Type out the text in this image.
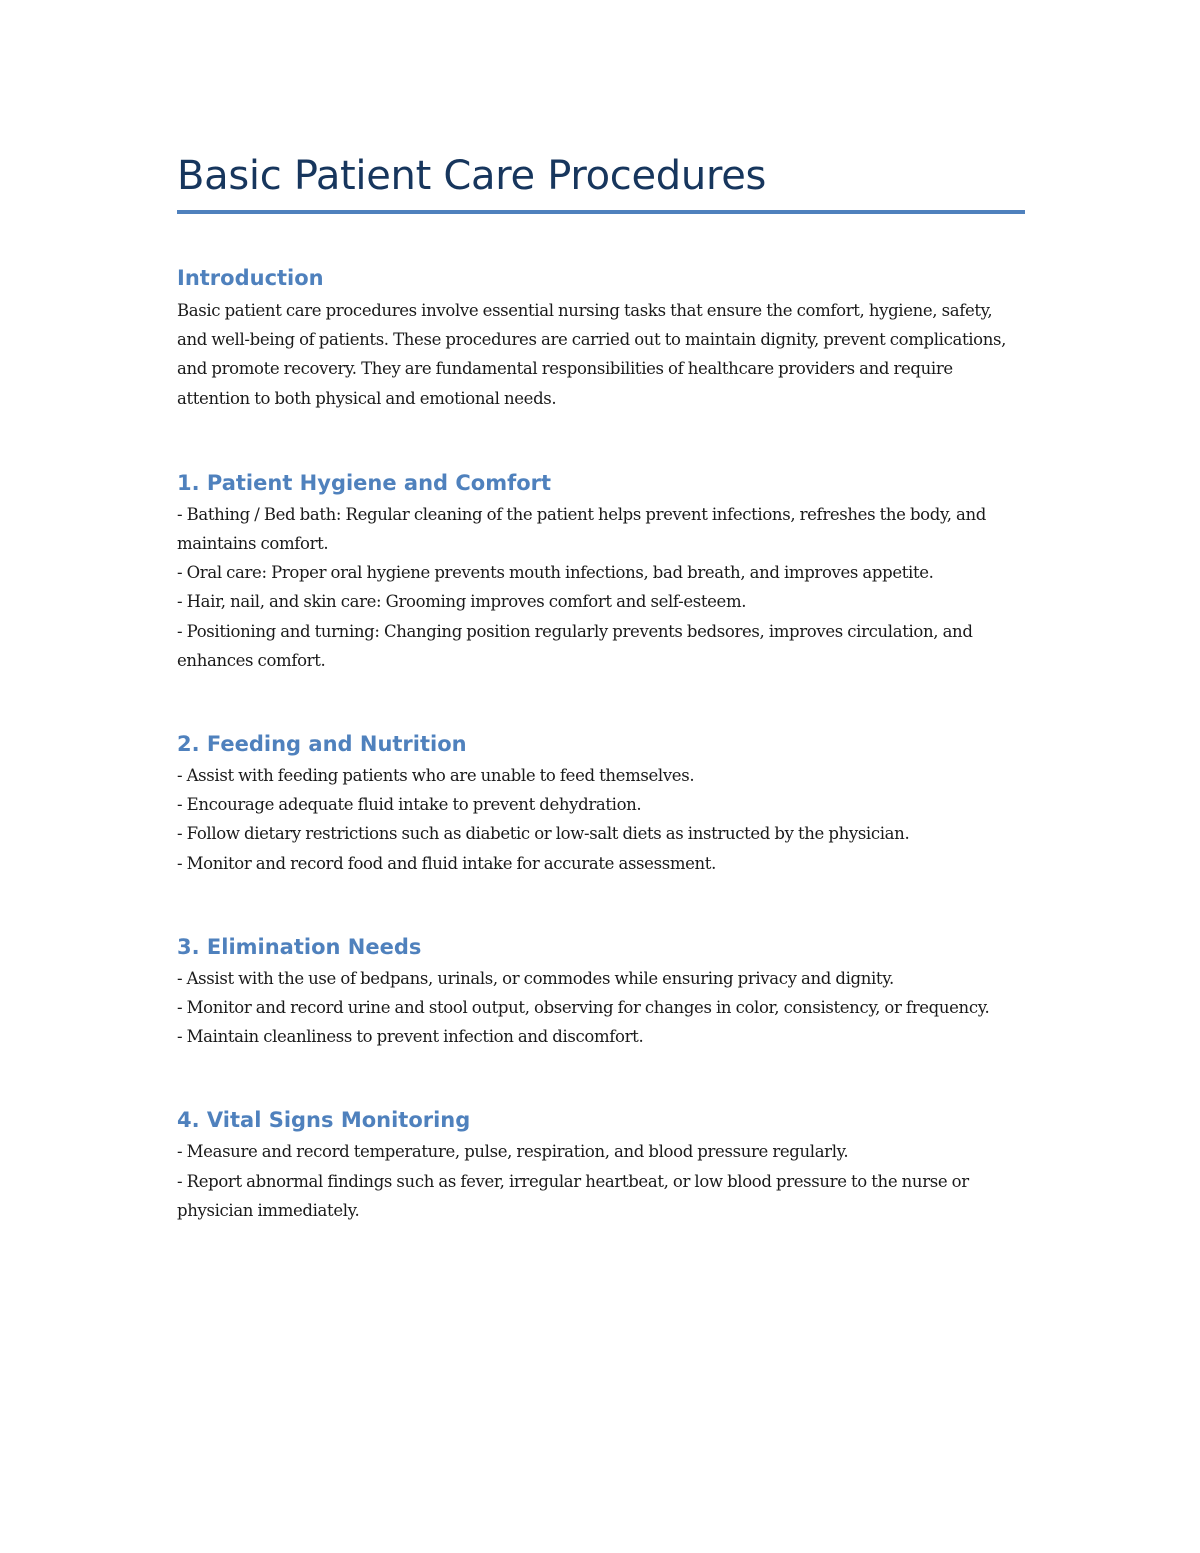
Basic Patient Care Procedures
Introduction

Basic patient care procedures involve essential nursing tasks that ensure the comfort, hygiene, safety, and well-being of patients. These procedures are carried out to maintain dignity, prevent complications, and promote recovery. They are fundamental responsibilities of healthcare providers and require attention to both physical and emotional needs.

1. Patient Hygiene and Comfort

- Bathing / Bed bath: Regular cleaning of the patient helps prevent infections, refreshes the body, and maintains comfort.
- Oral care: Proper oral hygiene prevents mouth infections, bad breath, and improves appetite.
- Hair, nail, and skin care: Grooming improves comfort and self-esteem.
- Positioning and turning: Changing position regularly prevents bedsores, improves circulation, and enhances comfort.

2. Feeding and Nutrition

- Assist with feeding patients who are unable to feed themselves.
- Encourage adequate fluid intake to prevent dehydration.
- Follow dietary restrictions such as diabetic or low-salt diets as instructed by the physician.
- Monitor and record food and fluid intake for accurate assessment.

3. Elimination Needs

- Assist with the use of bedpans, urinals, or commodes while ensuring privacy and dignity.
- Monitor and record urine and stool output, observing for changes in color, consistency, or frequency.
- Maintain cleanliness to prevent infection and discomfort.

4. Vital Signs Monitoring

- Measure and record temperature, pulse, respiration, and blood pressure regularly.
- Report abnormal findings such as fever, irregular heartbeat, or low blood pressure to the nurse or physician immediately.
